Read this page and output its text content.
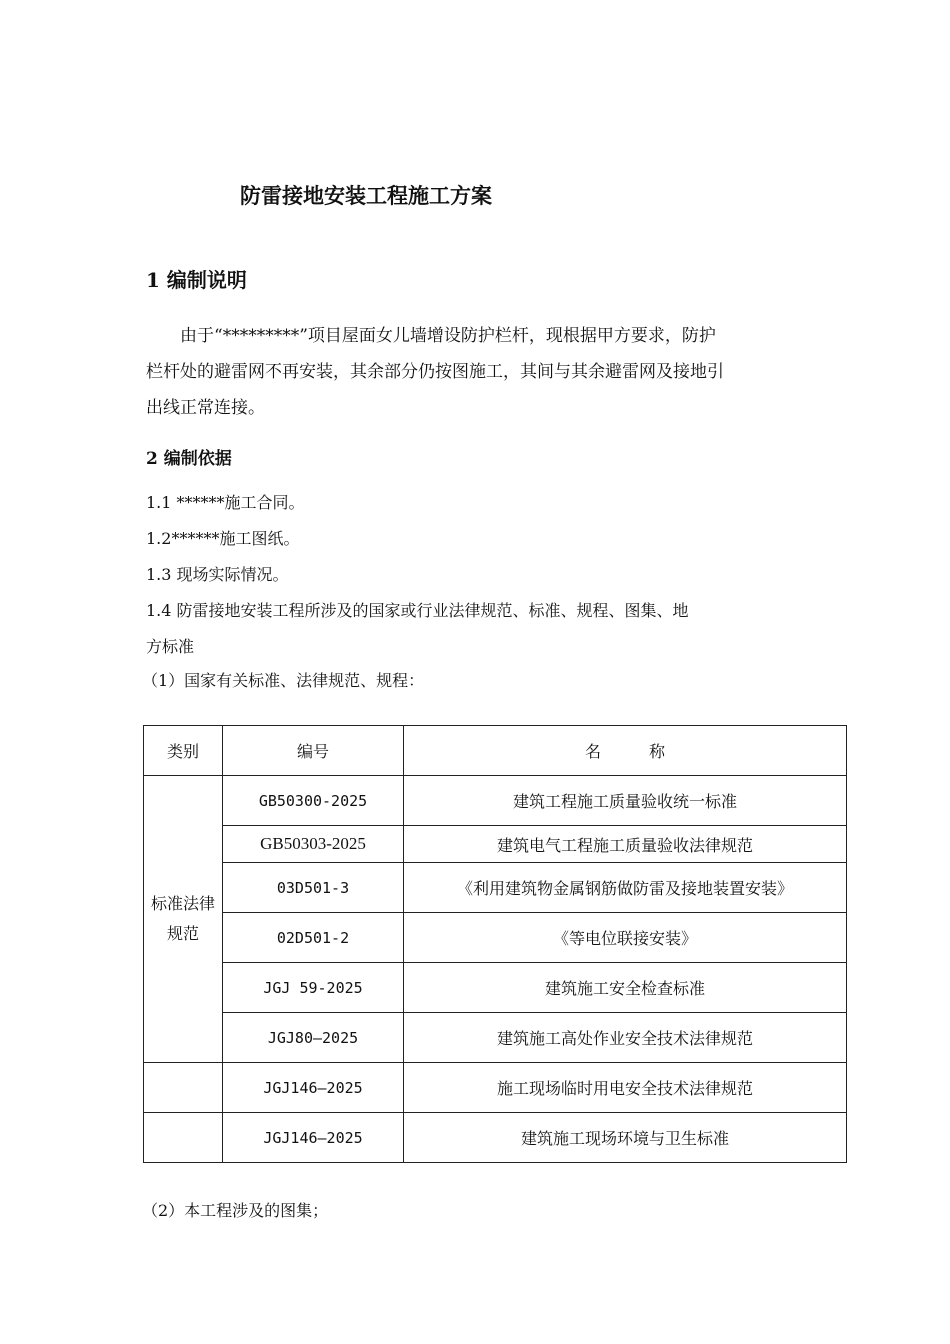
防雷接地安装工程施工方案
1 编制说明
由于“*********”项目屋面女儿墙增设防护栏杆，现根据甲方要求，防护
栏杆处的避雷网不再安装，其余部分仍按图施工，其间与其余避雷网及接地引
出线正常连接。
2 编制依据
1.1 ******施工合同。
1.2******施工图纸。
1.3 现场实际情况。
1.4 防雷接地安装工程所涉及的国家或行业法律规范、标准、规程、图集、地
方标准
（1）国家有关标准、法律规范、规程：
类别	编号	名　　　称
标准法律规范	GB50300-2025	建筑工程施工质量验收统一标准
	GB50303-2025	建筑电气工程施工质量验收法律规范
	03D501-3	《利用建筑物金属钢筋做防雷及接地装置安装》
	02D501-2	《等电位联接安装》
	JGJ 59-2025	建筑施工安全检查标准
	JGJ80—2025	建筑施工高处作业安全技术法律规范
	JGJ146—2025	施工现场临时用电安全技术法律规范
	JGJ146—2025	建筑施工现场环境与卫生标准
（2）本工程涉及的图集；
